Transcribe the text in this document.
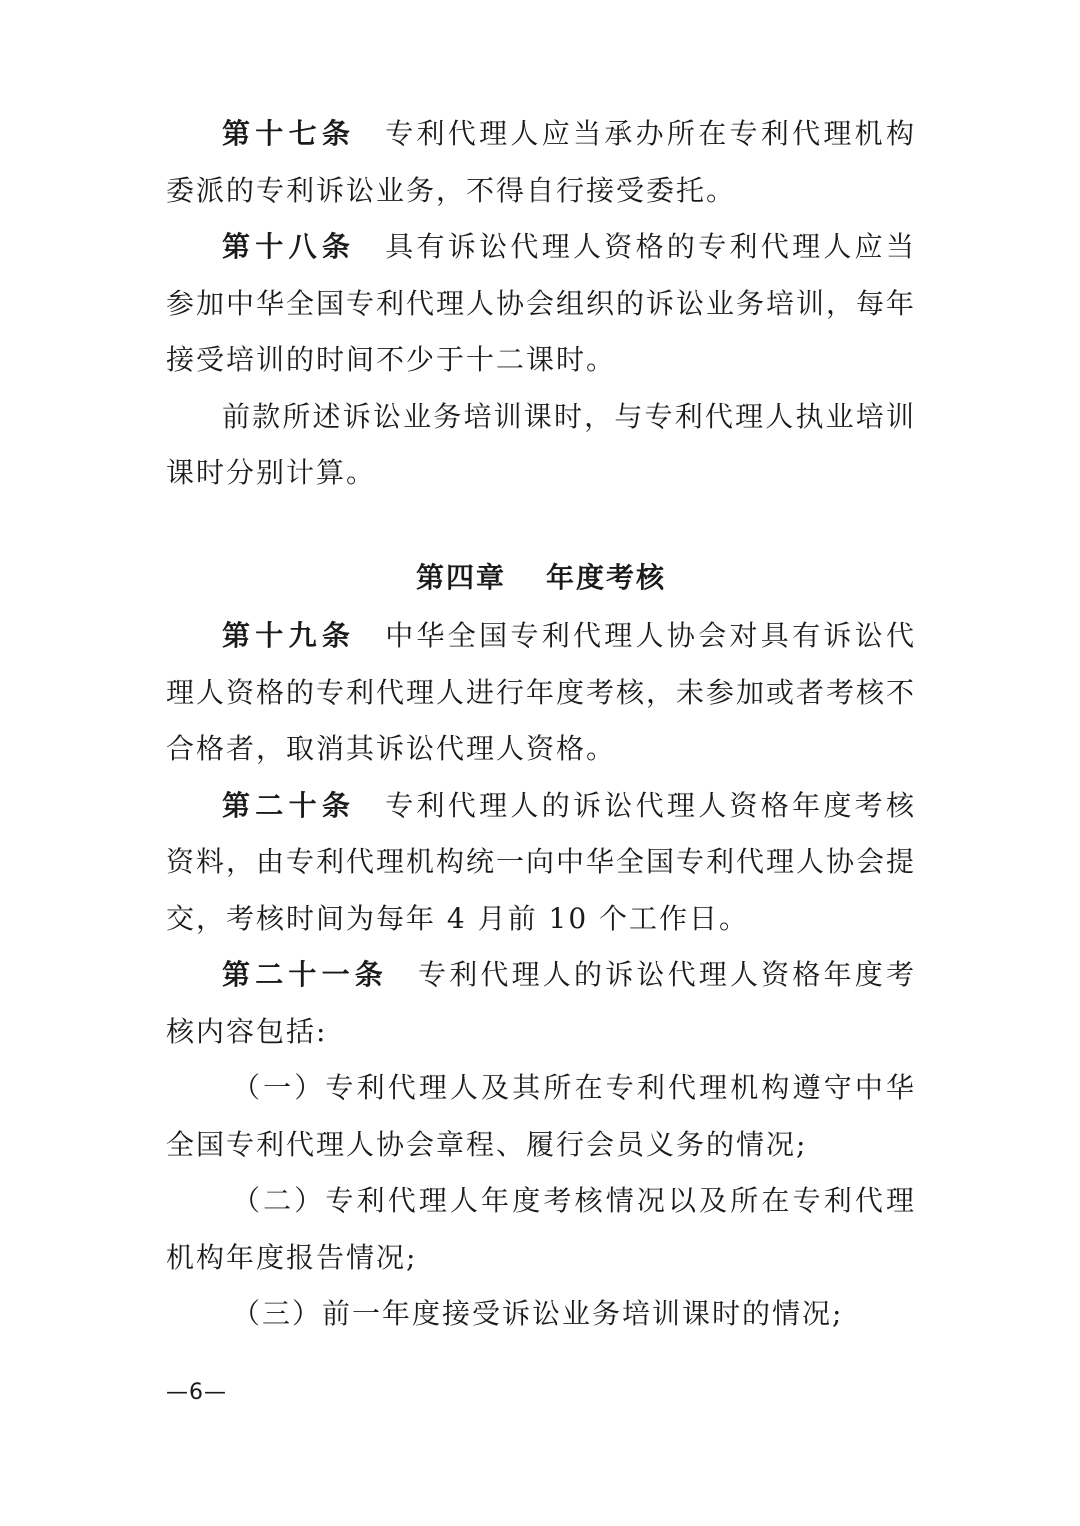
第十七条 专利代理人应当承办所在专利代理机构委派的专利诉讼业务，不得自行接受委托。

第十八条 具有诉讼代理人资格的专利代理人应当参加中华全国专利代理人协会组织的诉讼业务培训，每年接受培训的时间不少于十二课时。

前款所述诉讼业务培训课时，与专利代理人执业培训课时分别计算。

第四章 年度考核

第十九条 中华全国专利代理人协会对具有诉讼代理人资格的专利代理人进行年度考核，未参加或者考核不合格者，取消其诉讼代理人资格。

第二十条 专利代理人的诉讼代理人资格年度考核资料，由专利代理机构统一向中华全国专利代理人协会提交，考核时间为每年 4 月前 10 个工作日。

第二十一条 专利代理人的诉讼代理人资格年度考核内容包括:

（一）专利代理人及其所在专利代理机构遵守中华全国专利代理人协会章程、履行会员义务的情况;

（二）专利代理人年度考核情况以及所在专利代理机构年度报告情况;

（三）前一年度接受诉讼业务培训课时的情况;

—6—
